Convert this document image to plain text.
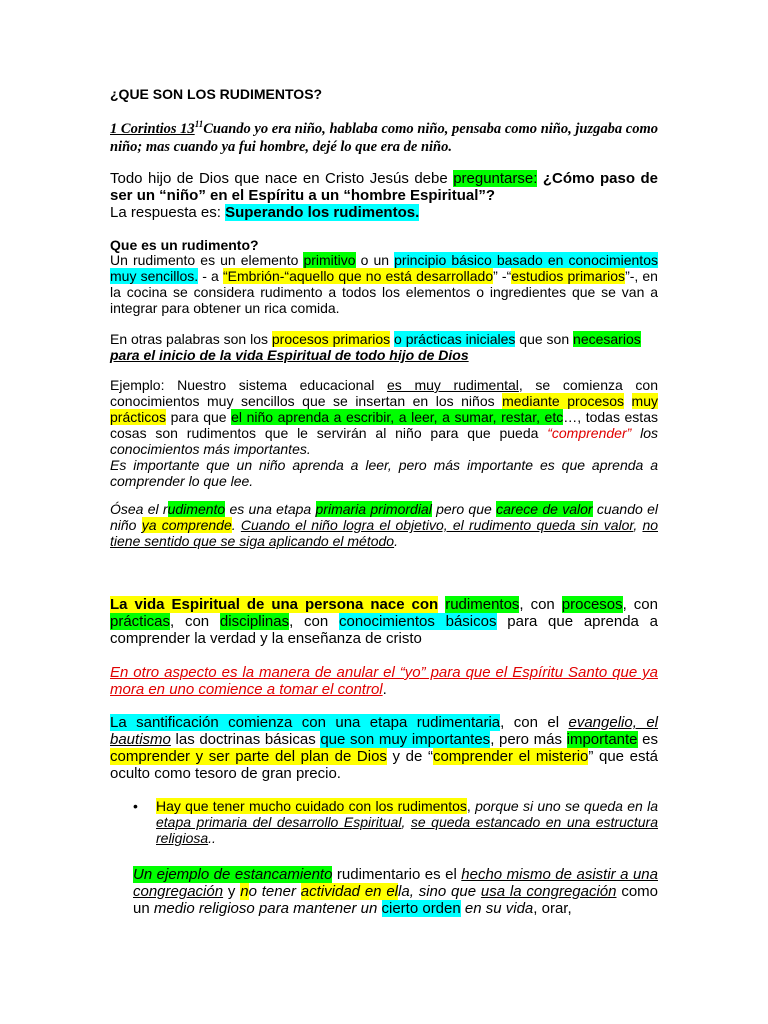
¿QUE SON LOS RUDIMENTOS?
1 Corintios $13^{11}Cuando$ yo era niño, hablaba como niño, pensaba como niño, juzgaba como niño; mas cuando ya fui hombre, dejé lo que era de niño.
Todo hijo de Dios que nace en Cristo Jesús debe preguntarse: ¿Cómo paso de ser un “niño” en el Espíritu a un “hombre Espiritual”?
La respuesta es: Superando los rudimentos.
Que es un rudimento?
Un rudimento es un elemento primitivo o un principio básico basado en conocimientos muy sencillos. - a “Embrión-“aquello que no está desarrollado” -“estudios primarios”-, en la cocina se considera rudimento a todos los elementos o ingredientes que se van a integrar para obtener un rica comida.
En otras palabras son los procesos primarios o prácticas iniciales que son necesarios
para el inicio de la vida Espiritual de todo hijo de Dios
Ejemplo: Nuestro sistema educacional es muy rudimental, se comienza con conocimientos muy sencillos que se insertan en los niños mediante procesos muy prácticos para que el niño aprenda a escribir, a leer, a sumar, restar, etc…, todas estas cosas son rudimentos que le servirán al niño para que pueda “comprender” los conocimientos más importantes.
Es importante que un niño aprenda a leer, pero más importante es que aprenda a comprender lo que lee.
Ósea el rudimento es una etapa primaria primordial pero que carece de valor cuando el niño ya comprende. Cuando el niño logra el objetivo, el rudimento queda sin valor, no tiene sentido que se siga aplicando el método.
La vida Espiritual de una persona nace con rudimentos, con procesos, con prácticas, con disciplinas, con conocimientos básicos para que aprenda a comprender la verdad y la enseñanza de cristo
En otro aspecto es la manera de anular el “yo” para que el Espíritu Santo que ya mora en uno comience a tomar el control.
La santificación comienza con una etapa rudimentaria, con el evangelio, el bautismo las doctrinas básicas que son muy importantes, pero más importante es comprender y ser parte del plan de Dios y de “comprender el misterio” que está oculto como tesoro de gran precio.
•	Hay que tener mucho cuidado con los rudimentos, porque si uno se queda en la etapa primaria del desarrollo Espiritual, se queda estancado en una estructura religiosa..
Un ejemplo de estancamiento rudimentario es el hecho mismo de asistir a una congregación y no tener actividad en ella, sino que usa la congregación como un medio religioso para mantener un cierto orden en su vida, orar,
